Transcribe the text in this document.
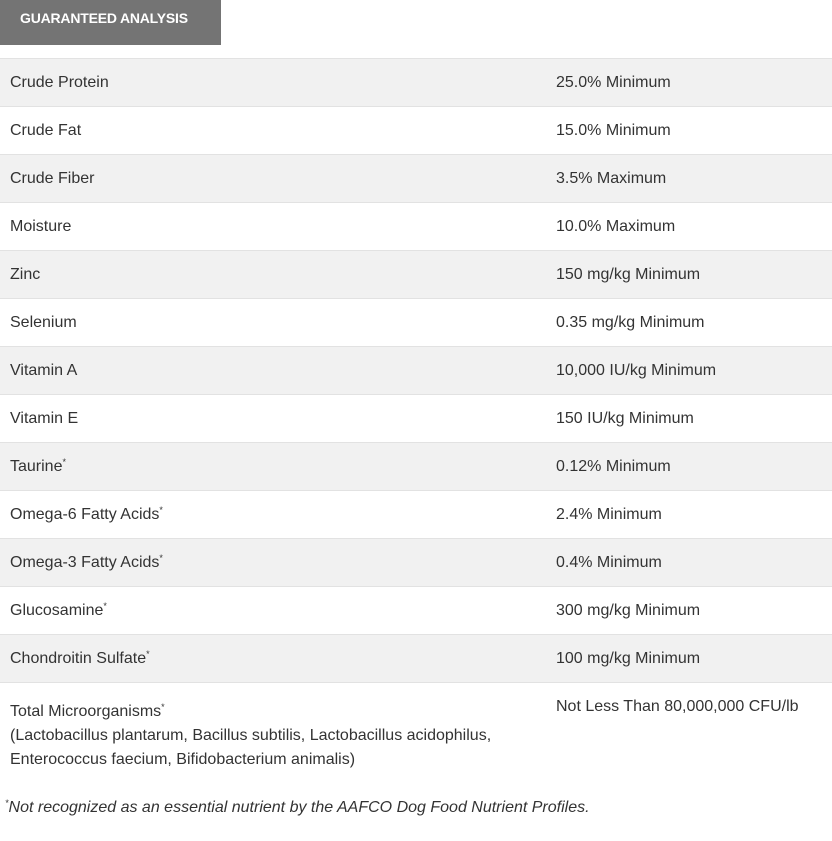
GUARANTEED ANALYSIS
Crude Protein	25.0% Minimum
Crude Fat	15.0% Minimum
Crude Fiber	3.5% Maximum
Moisture	10.0% Maximum
Zinc	150 mg/kg Minimum
Selenium	0.35 mg/kg Minimum
Vitamin A	10,000 IU/kg Minimum
Vitamin E	150 IU/kg Minimum
Taurine*	0.12% Minimum
Omega-6 Fatty Acids*	2.4% Minimum
Omega-3 Fatty Acids*	0.4% Minimum
Glucosamine*	300 mg/kg Minimum
Chondroitin Sulfate*	100 mg/kg Minimum
Total Microorganisms*
(Lactobacillus plantarum, Bacillus subtilis, Lactobacillus acidophilus,
Enterococcus faecium, Bifidobacterium animalis)	Not Less Than 80,000,000 CFU/lb
*Not recognized as an essential nutrient by the AAFCO Dog Food Nutrient Profiles.
